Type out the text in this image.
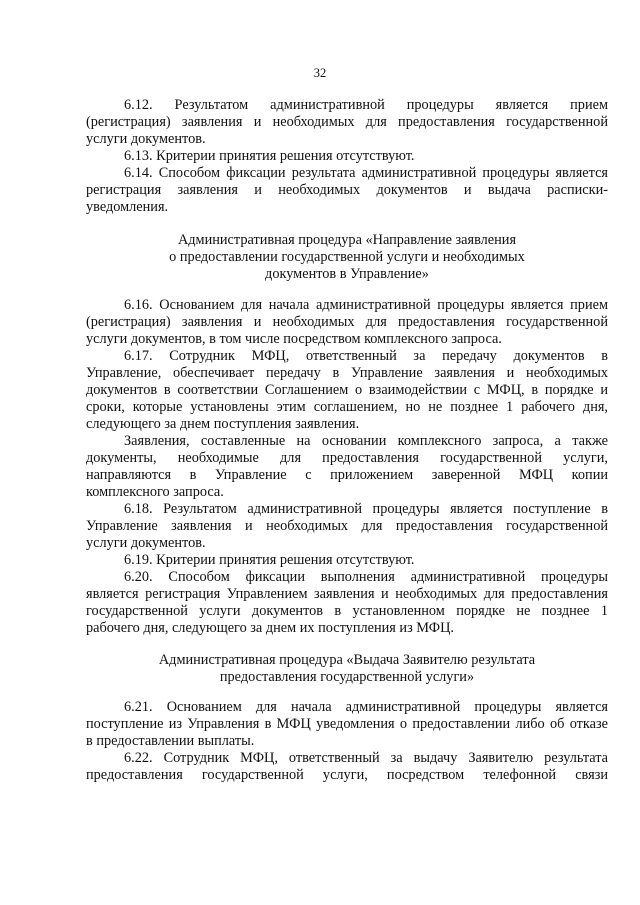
32
6.12. Результатом административной процедуры является прием
(регистрация) заявления и необходимых для предоставления государственной
услуги документов.
6.13. Критерии принятия решения отсутствуют.
6.14. Способом фиксации результата административной процедуры является
регистрация заявления и необходимых документов и выдача расписки-
уведомления.
Административная процедура «Направление заявления
о предоставлении государственной услуги и необходимых
документов в Управление»
6.16. Основанием для начала административной процедуры является прием
(регистрация) заявления и необходимых для предоставления государственной
услуги документов, в том числе посредством комплексного запроса.
6.17. Сотрудник МФЦ, ответственный за передачу документов в
Управление, обеспечивает передачу в Управление заявления и необходимых
документов в соответствии Соглашением о взаимодействии с МФЦ, в порядке и
сроки, которые установлены этим соглашением, но не позднее 1 рабочего дня,
следующего за днем поступления заявления.
Заявления, составленные на основании комплексного запроса, а также
документы, необходимые для предоставления государственной услуги,
направляются в Управление с приложением заверенной МФЦ копии
комплексного запроса.
6.18. Результатом административной процедуры является поступление в
Управление заявления и необходимых для предоставления государственной
услуги документов.
6.19. Критерии принятия решения отсутствуют.
6.20. Способом фиксации выполнения административной процедуры
является регистрация Управлением заявления и необходимых для предоставления
государственной услуги документов в установленном порядке не позднее 1
рабочего дня, следующего за днем их поступления из МФЦ.
Административная процедура «Выдача Заявителю результата
предоставления государственной услуги»
6.21. Основанием для начала административной процедуры является
поступление из Управления в МФЦ уведомления о предоставлении либо об отказе
в предоставлении выплаты.
6.22. Сотрудник МФЦ, ответственный за выдачу Заявителю результата
предоставления государственной услуги, посредством телефонной связи
